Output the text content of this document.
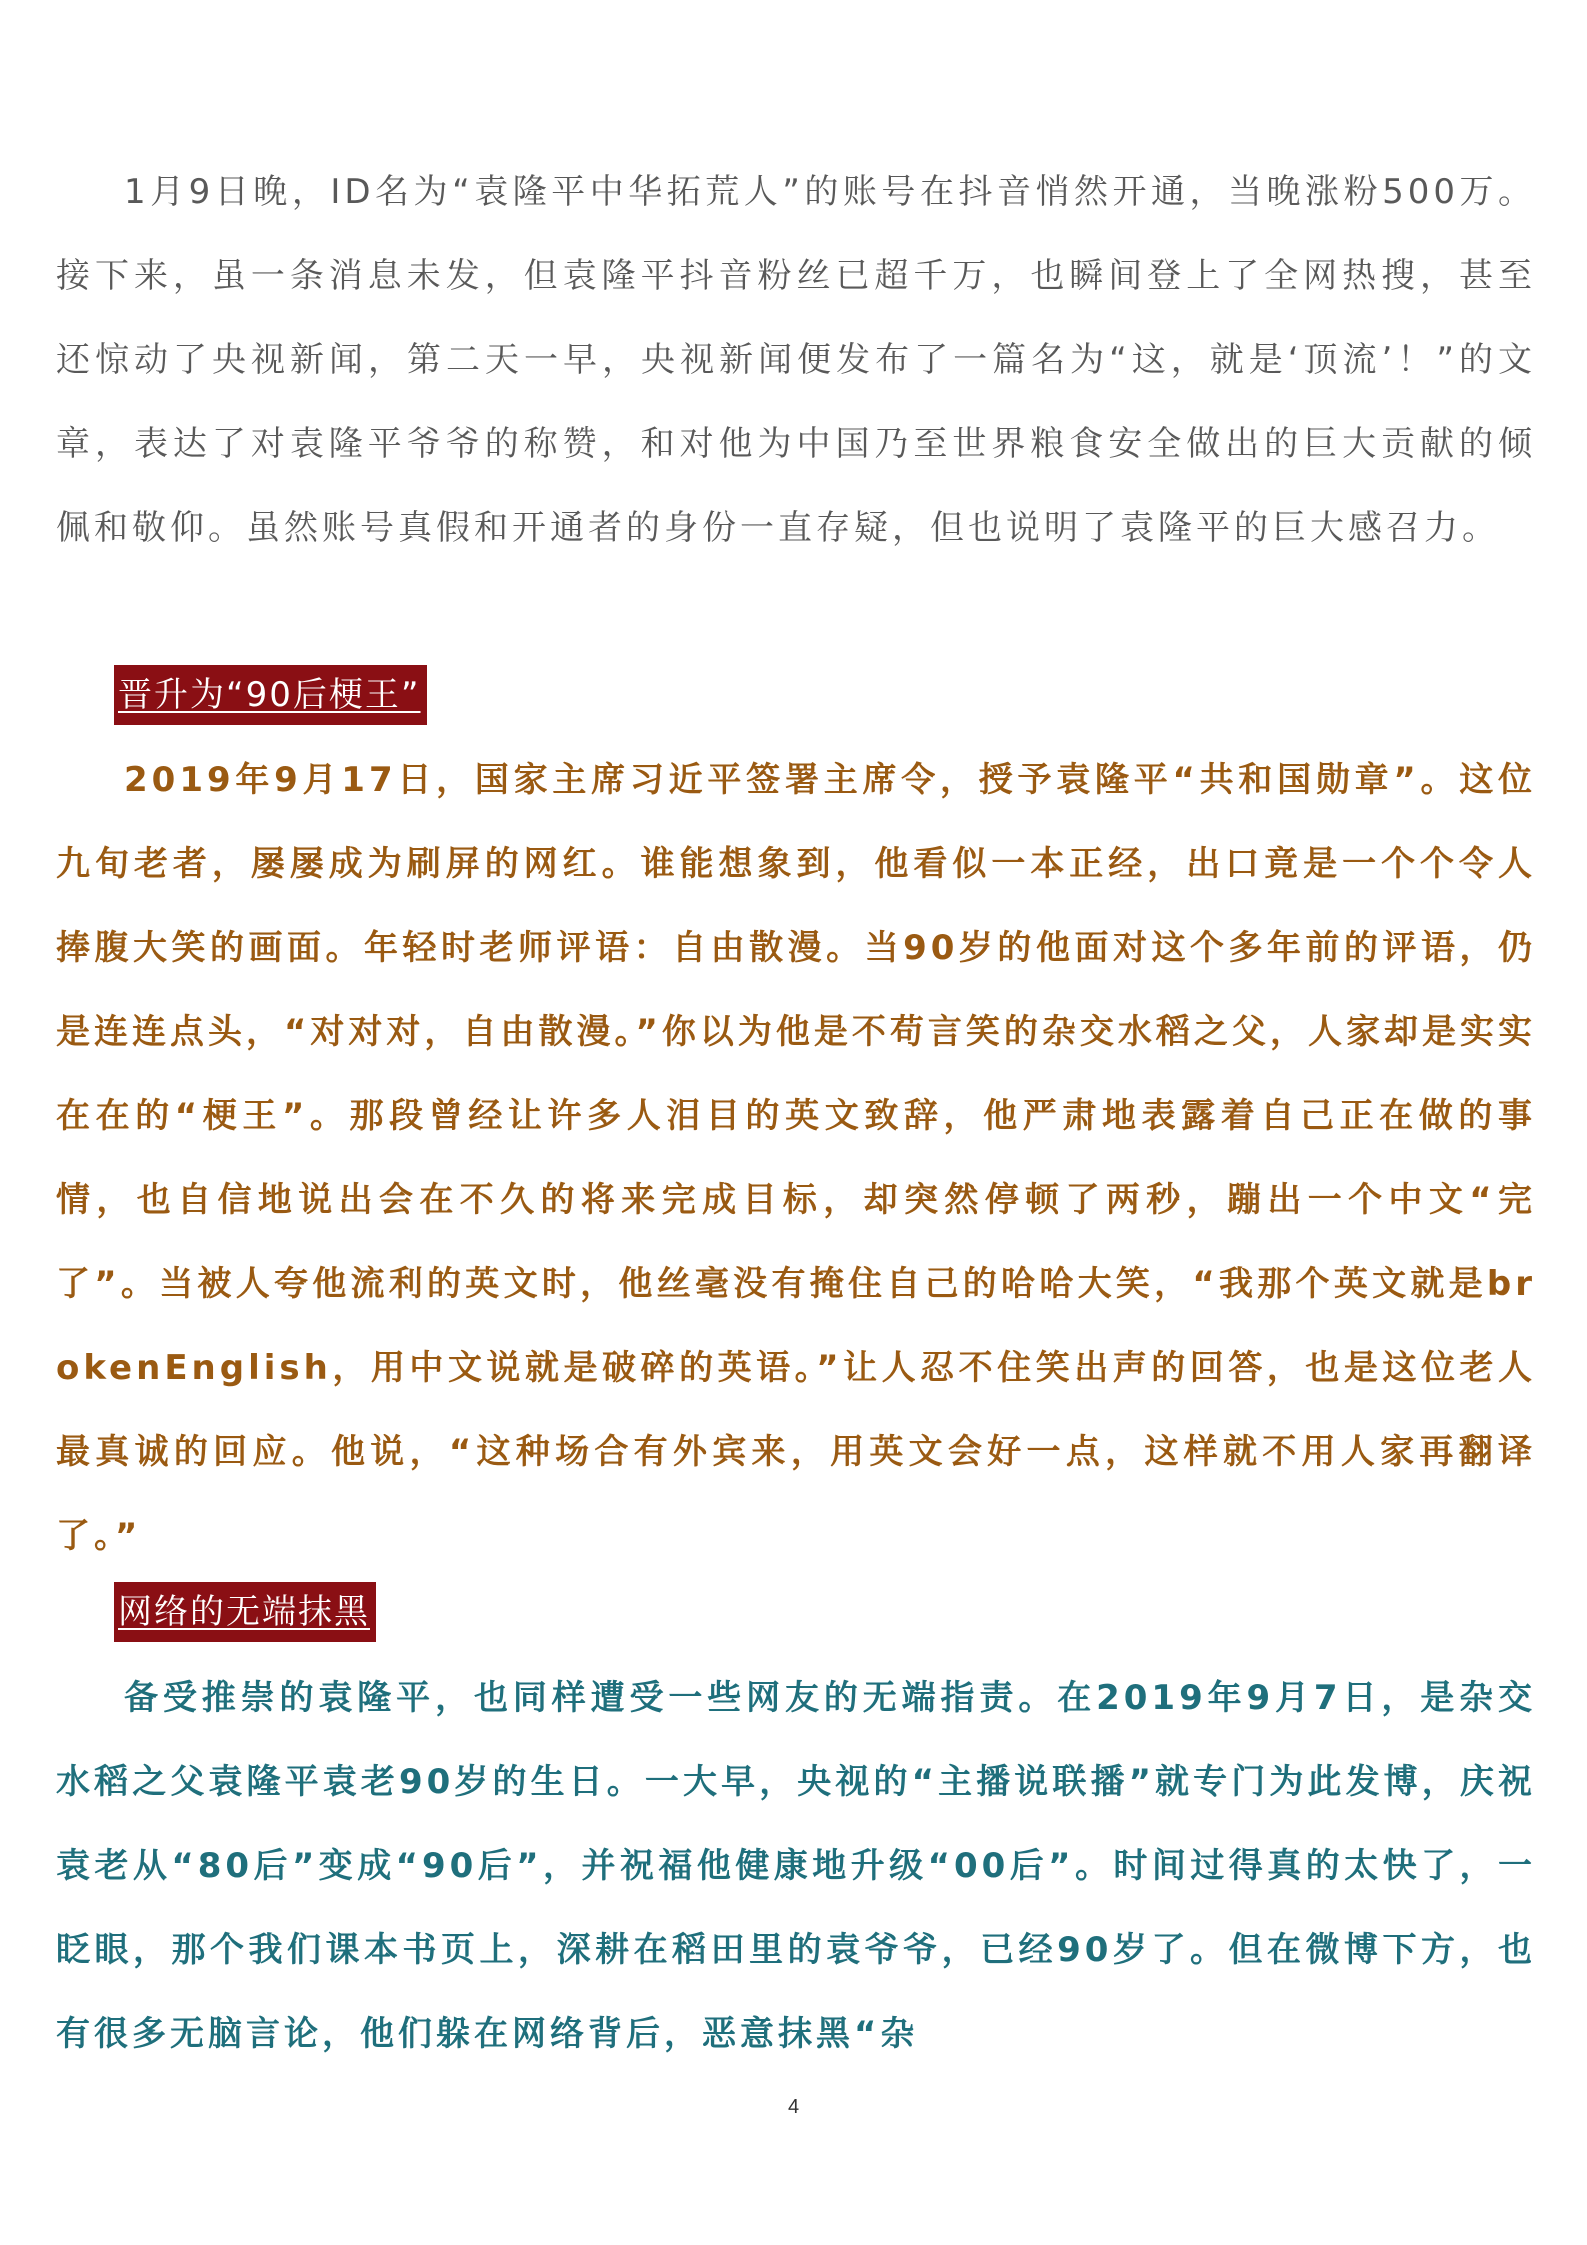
1月9日晚，ID名为“袁隆平中华拓荒人”的账号在抖音悄然开通，当晚涨粉500万。接下来，虽一条消息未发，但袁隆平抖音粉丝已超千万，也瞬间登上了全网热搜，甚至还惊动了央视新闻，第二天一早，央视新闻便发布了一篇名为“这，就是‘顶流’！”的文章，表达了对袁隆平爷爷的称赞，和对他为中国乃至世界粮食安全做出的巨大贡献的倾佩和敬仰。虽然账号真假和开通者的身份一直存疑，但也说明了袁隆平的巨大感召力。

晋升为“90后梗王”

2019年9月17日，国家主席习近平签署主席令，授予袁隆平“共和国勋章”。这位九旬老者，屡屡成为刷屏的网红。谁能想象到，他看似一本正经，出口竟是一个个令人捧腹大笑的画面。年轻时老师评语：自由散漫。当90岁的他面对这个多年前的评语，仍是连连点头，“对对对，自由散漫。”你以为他是不苟言笑的杂交水稻之父，人家却是实实在在的“梗王”。那段曾经让许多人泪目的英文致辞，他严肃地表露着自己正在做的事情，也自信地说出会在不久的将来完成目标，却突然停顿了两秒，蹦出一个中文“完了”。当被人夸他流利的英文时，他丝毫没有掩住自己的哈哈大笑，“我那个英文就是brokenEnglish，用中文说就是破碎的英语。”让人忍不住笑出声的回答，也是这位老人最真诚的回应。他说，“这种场合有外宾来，用英文会好一点，这样就不用人家再翻译了。”

网络的无端抹黑

备受推崇的袁隆平，也同样遭受一些网友的无端指责。在2019年9月7日，是杂交水稻之父袁隆平袁老90岁的生日。一大早，央视的“主播说联播”就专门为此发博，庆祝袁老从“80后”变成“90后”，并祝福他健康地升级“00后”。时间过得真的太快了，一眨眼，那个我们课本书页上，深耕在稻田里的袁爷爷，已经90岁了。但在微博下方，也有很多无脑言论，他们躲在网络背后，恶意抹黑“杂

4
